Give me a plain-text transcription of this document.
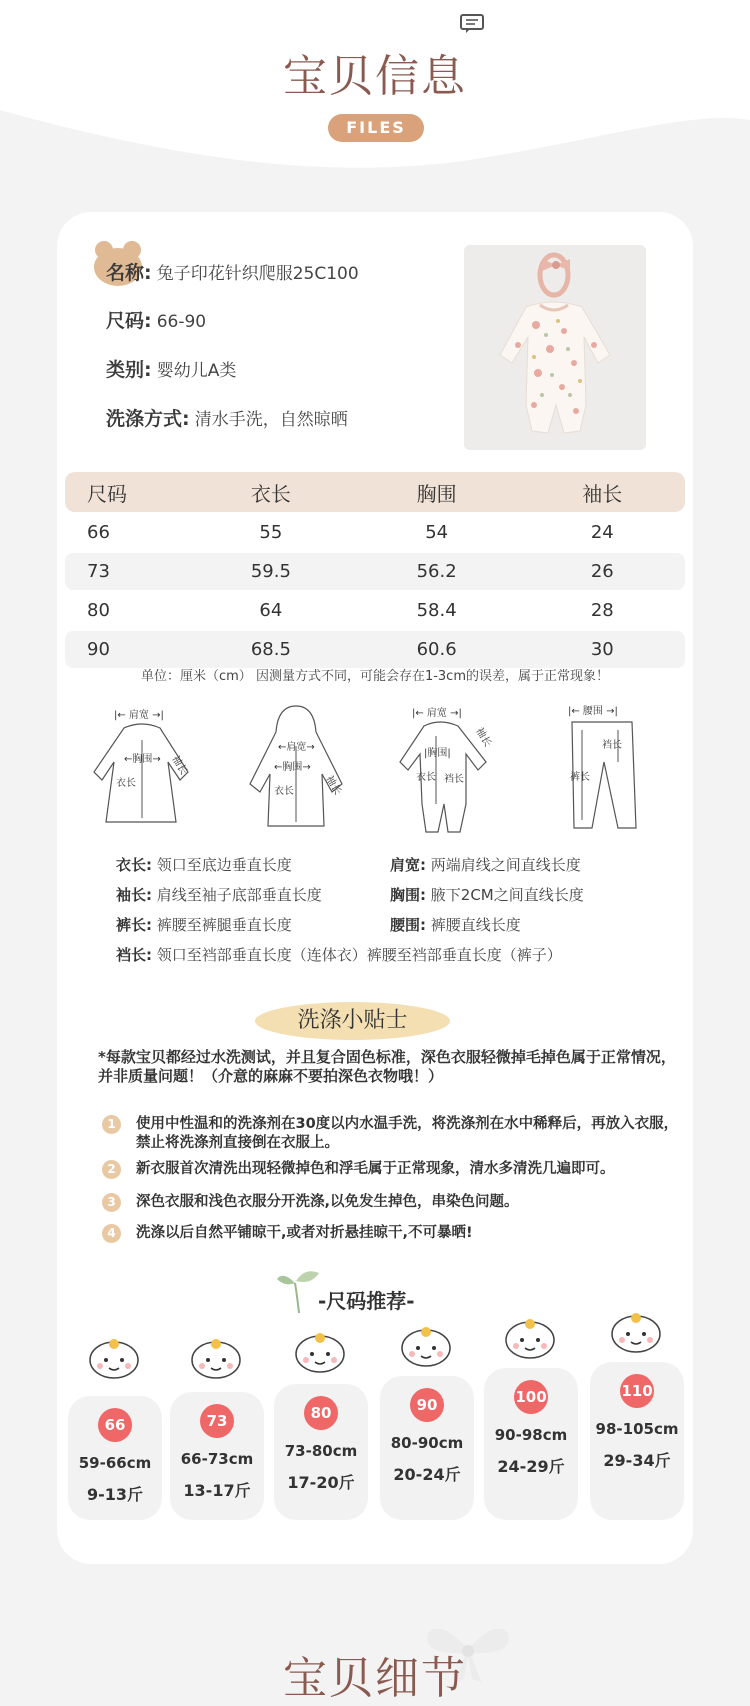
宝贝信息
FILES
名称: 兔子印花针织爬服25C100
尺码: 66-90
类别: 婴幼儿A类
洗涤方式: 清水手洗，自然晾晒
尺码	衣长	胸围	袖长
66	55	54	24
73	59.5	56.2	26
80	64	58.4	28
90	68.5	60.6	30
单位：厘米（cm） 因测量方式不同，可能会存在1-3cm的误差，属于正常现象！
|← 肩宽 →|
←胸围→
衣长
袖长
←肩宽→
←胸围→
衣长	袖长
|← 肩宽 →|
|胸围|
衣长 裆长
袖长
|← 腰围 →|
裆长
裤长
衣长: 领口至底边垂直长度	肩宽: 两端肩线之间直线长度
袖长: 肩线至袖子底部垂直长度	胸围: 腋下2CM之间直线长度
裤长: 裤腰至裤腿垂直长度	腰围: 裤腰直线长度
裆长: 领口至裆部垂直长度（连体衣）裤腰至裆部垂直长度（裤子）
洗涤小贴士
*每款宝贝都经过水洗测试，并且复合固色标准，深色衣服轻微掉毛掉色属于正常情况，并非质量问题！（介意的麻麻不要拍深色衣物哦！）
1	使用中性温和的洗涤剂在30度以内水温手洗，将洗涤剂在水中稀释后，再放入衣服，禁止将洗涤剂直接倒在衣服上。
2	新衣服首次清洗出现轻微掉色和浮毛属于正常现象，清水多清洗几遍即可。
3	深色衣服和浅色衣服分开洗涤,以免发生掉色，串染色问题。
4	洗涤以后自然平铺晾干,或者对折悬挂晾干,不可暴晒!
-尺码推荐-
66
59-66cm
9-13斤
73
66-73cm
13-17斤
80
73-80cm
17-20斤
90
80-90cm
20-24斤
100
90-98cm
24-29斤
110
98-105cm
29-34斤
宝贝细节
